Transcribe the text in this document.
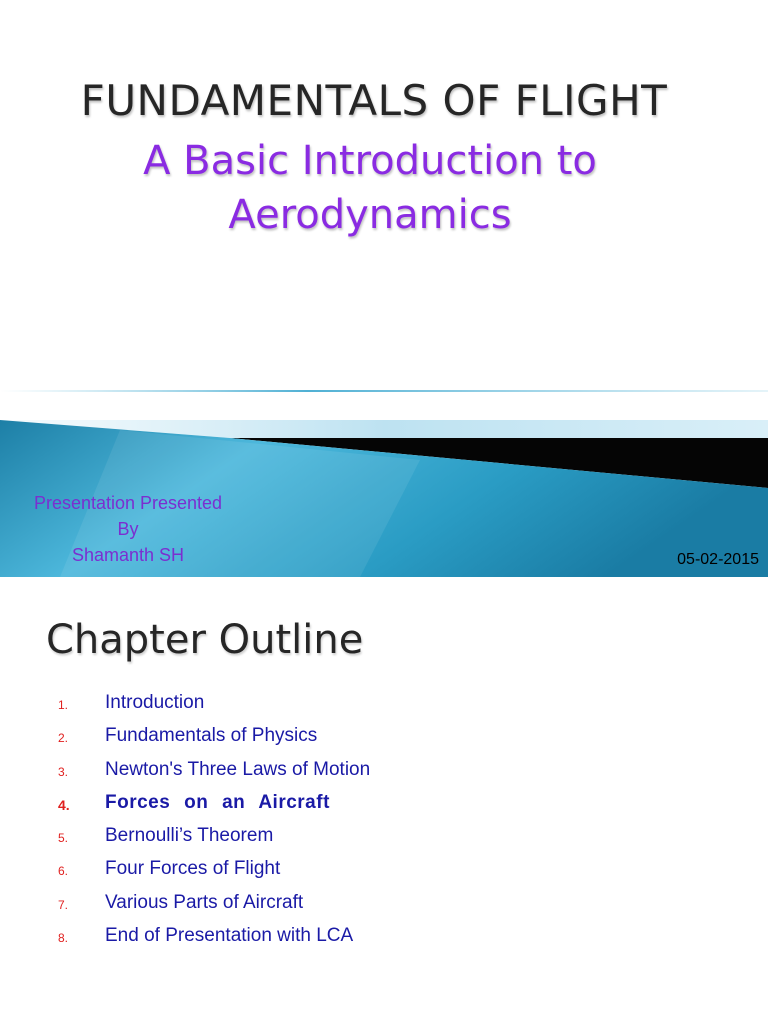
FUNDAMENTALS OF FLIGHT
A Basic Introduction to
Aerodynamics
Presentation Presented
By
Shamanth SH	05-02-2015
Chapter Outline
1. Introduction
2. Fundamentals of Physics
3. Newton's Three Laws of Motion
4. Forces on an Aircraft
5. Bernoulli’s Theorem
6. Four Forces of Flight
7. Various Parts of Aircraft
8. End of Presentation with LCA
